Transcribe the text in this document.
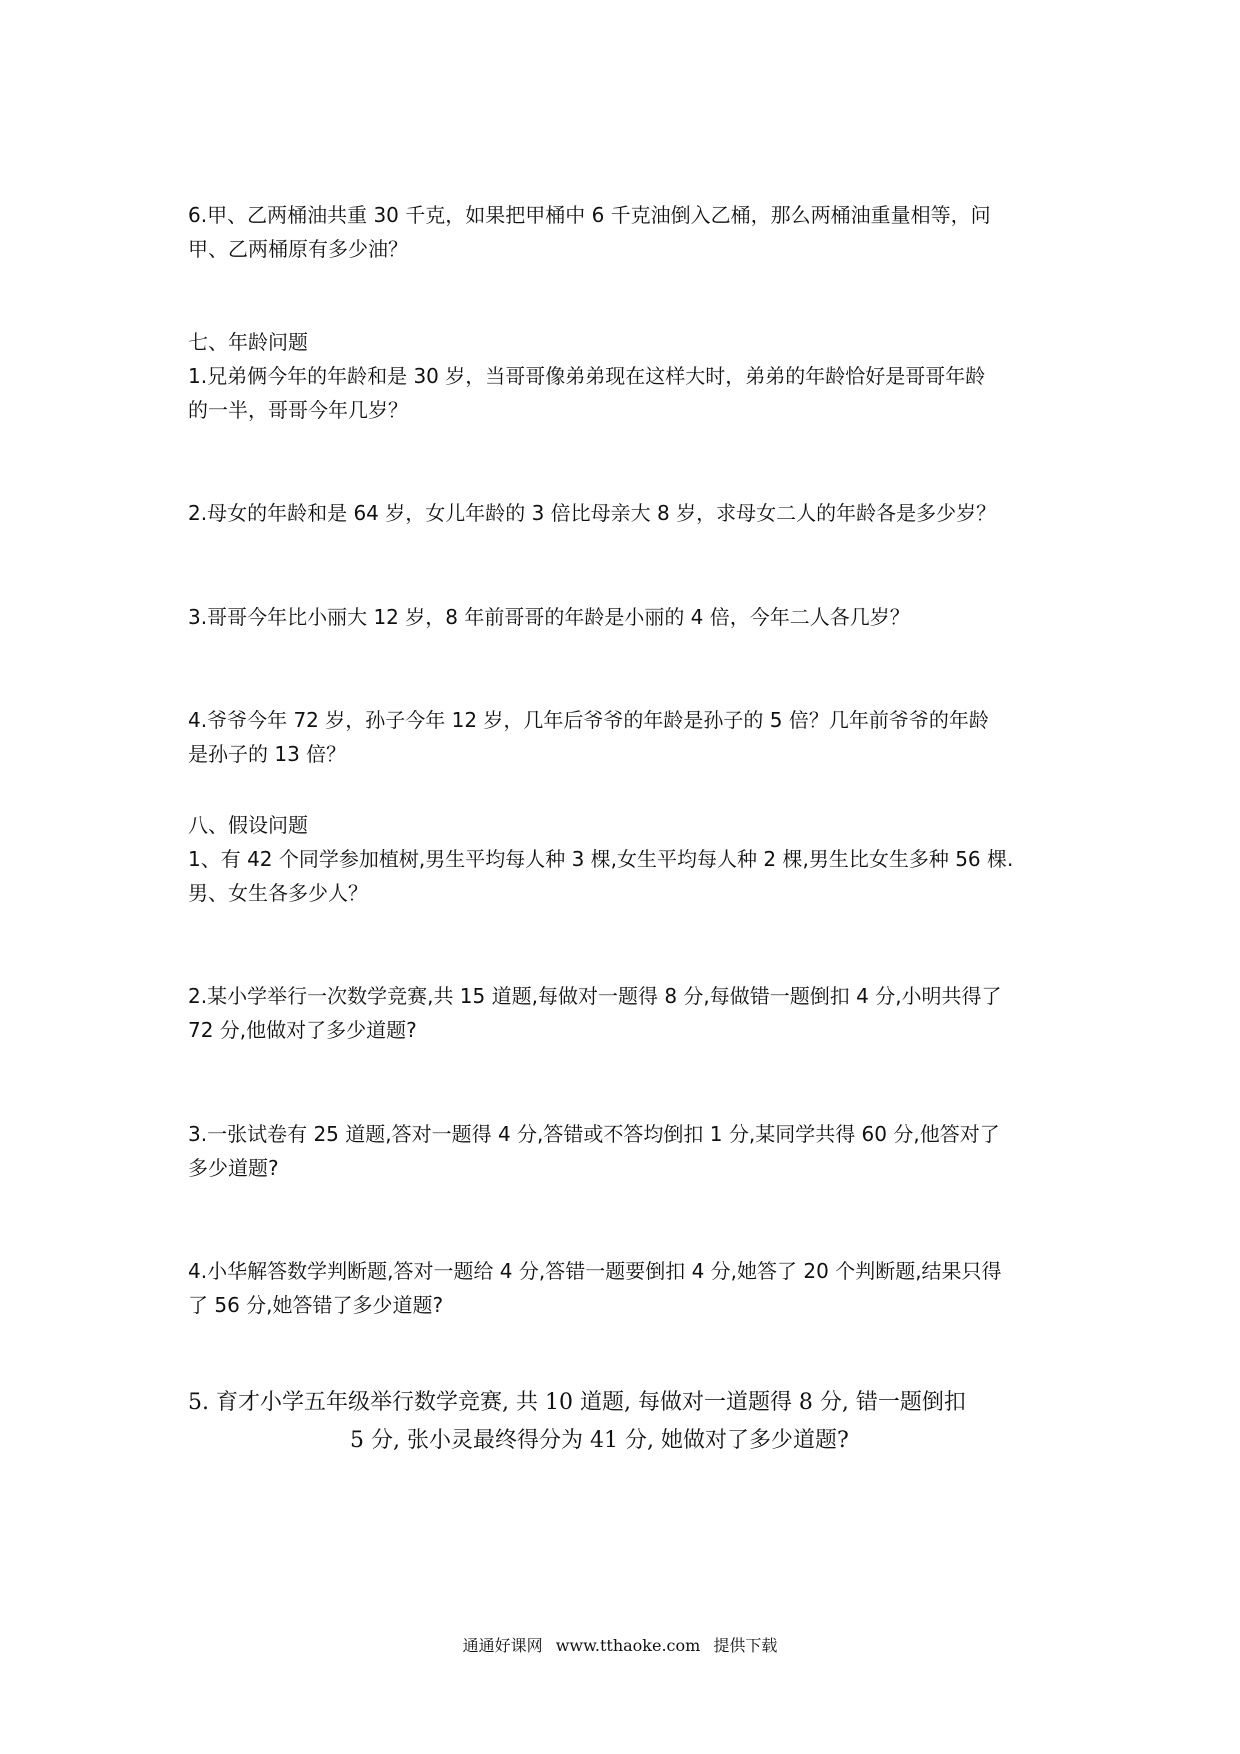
6.甲、乙两桶油共重 30 千克，如果把甲桶中 6 千克油倒入乙桶，那么两桶油重量相等，问
甲、乙两桶原有多少油？
七、年龄问题
1.兄弟俩今年的年龄和是 30 岁，当哥哥像弟弟现在这样大时，弟弟的年龄恰好是哥哥年龄
的一半，哥哥今年几岁？
2.母女的年龄和是 64 岁，女儿年龄的 3 倍比母亲大 8 岁，求母女二人的年龄各是多少岁？
3.哥哥今年比小丽大 12 岁，8 年前哥哥的年龄是小丽的 4 倍，今年二人各几岁？
4.爷爷今年 72 岁，孙子今年 12 岁，几年后爷爷的年龄是孙子的 5 倍？几年前爷爷的年龄
是孙子的 13 倍？
八、假设问题
1、有 42 个同学参加植树,男生平均每人种 3 棵,女生平均每人种 2 棵,男生比女生多种 56 棵.
男、女生各多少人？
2.某小学举行一次数学竞赛,共 15 道题,每做对一题得 8 分,每做错一题倒扣 4 分,小明共得了
72 分,他做对了多少道题?
3.一张试卷有 25 道题,答对一题得 4 分,答错或不答均倒扣 1 分,某同学共得 60 分,他答对了
多少道题?
4.小华解答数学判断题,答对一题给 4 分,答错一题要倒扣 4 分,她答了 20 个判断题,结果只得
了 56 分,她答错了多少道题?
5. 育才小学五年级举行数学竞赛, 共 10 道题, 每做对一道题得 8 分, 错一题倒扣
5 分, 张小灵最终得分为 41 分, 她做对了多少道题?
通通好课网 www.tthaoke.com 提供下载
